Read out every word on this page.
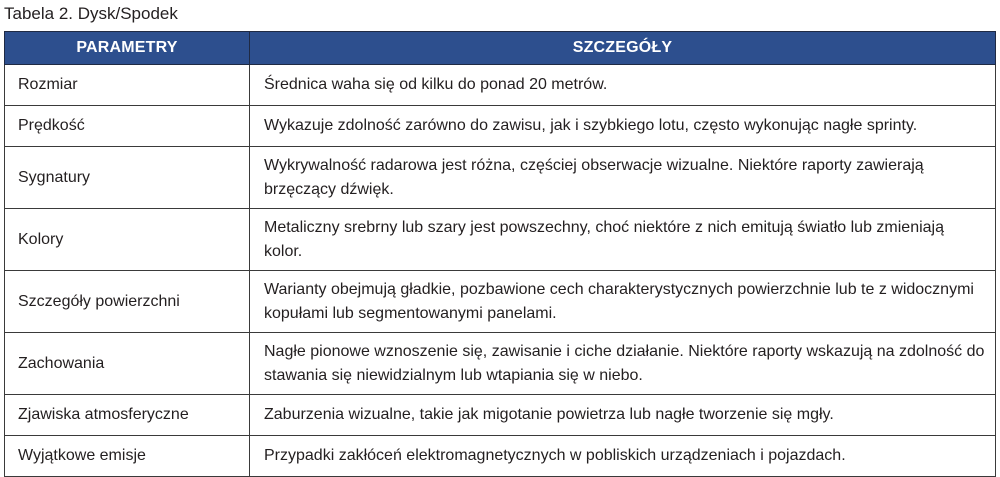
Tabela 2. Dysk/Spodek
PARAMETRY	SZCZEGÓŁY
Rozmiar	Średnica waha się od kilku do ponad 20 metrów.
Prędkość	Wykazuje zdolność zarówno do zawisu, jak i szybkiego lotu, często wykonując nagłe sprinty.
Sygnatury	Wykrywalność radarowa jest różna, częściej obserwacje wizualne. Niektóre raporty zawierają brzęczący dźwięk.
Kolory	Metaliczny srebrny lub szary jest powszechny, choć niektóre z nich emitują światło lub zmieniają kolor.
Szczegóły powierzchni	Warianty obejmują gładkie, pozbawione cech charakterystycznych powierzchnie lub te z widocznymi kopułami lub segmentowanymi panelami.
Zachowania	Nagłe pionowe wznoszenie się, zawisanie i ciche działanie. Niektóre raporty wskazują na zdolność do stawania się niewidzialnym lub wtapiania się w niebo.
Zjawiska atmosferyczne	Zaburzenia wizualne, takie jak migotanie powietrza lub nagłe tworzenie się mgły.
Wyjątkowe emisje	Przypadki zakłóceń elektromagnetycznych w pobliskich urządzeniach i pojazdach.
